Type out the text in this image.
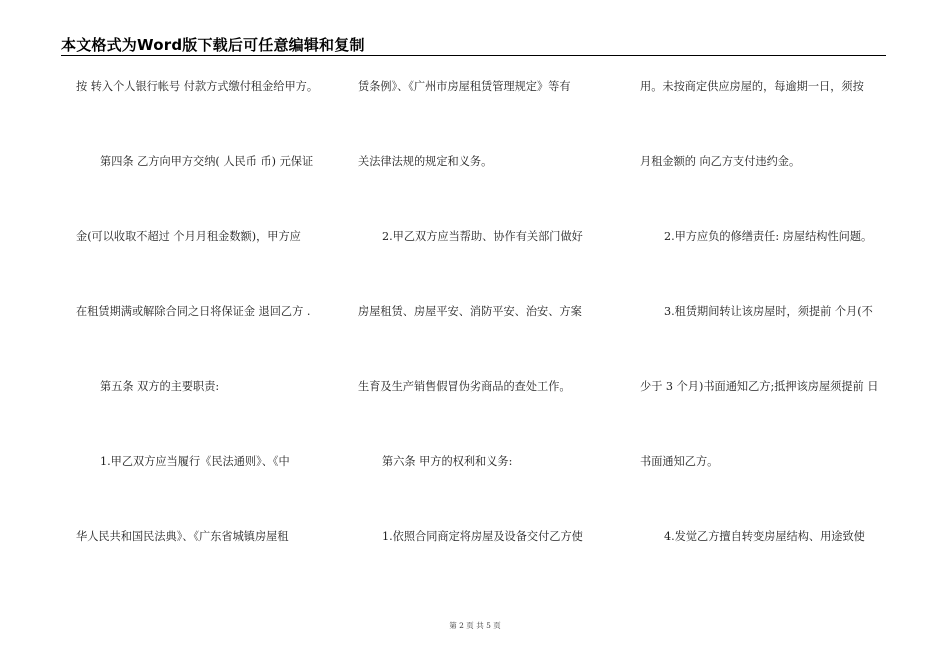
本文格式为Word版下载后可任意编辑和复制
按 转入个人银行帐号 付款方式缴付租金给甲方。
第四条 乙方向甲方交纳( 人民币 币) 元保证
金(可以收取不超过 个月月租金数额)，甲方应
在租赁期满或解除合同之日将保证金 退回乙方 .
第五条 双方的主要职责:
1.甲乙双方应当履行《民法通则》、《中
华人民共和国民法典》、《广东省城镇房屋租
赁条例》、《广州市房屋租赁管理规定》等有
关法律法规的规定和义务。
2.甲乙双方应当帮助、协作有关部门做好
房屋租赁、房屋平安、消防平安、治安、方案
生育及生产销售假冒伪劣商品的查处工作。
第六条 甲方的权利和义务:
1.依照合同商定将房屋及设备交付乙方使
用。未按商定供应房屋的，每逾期一日，须按
月租金额的 向乙方支付违约金。
2.甲方应负的修缮责任: 房屋结构性问题。
3.租赁期间转让该房屋时，须提前 个月(不
少于 3 个月)书面通知乙方;抵押该房屋须提前 日
书面通知乙方。
4.发觉乙方擅自转变房屋结构、用途致使
第 2 页 共 5 页
